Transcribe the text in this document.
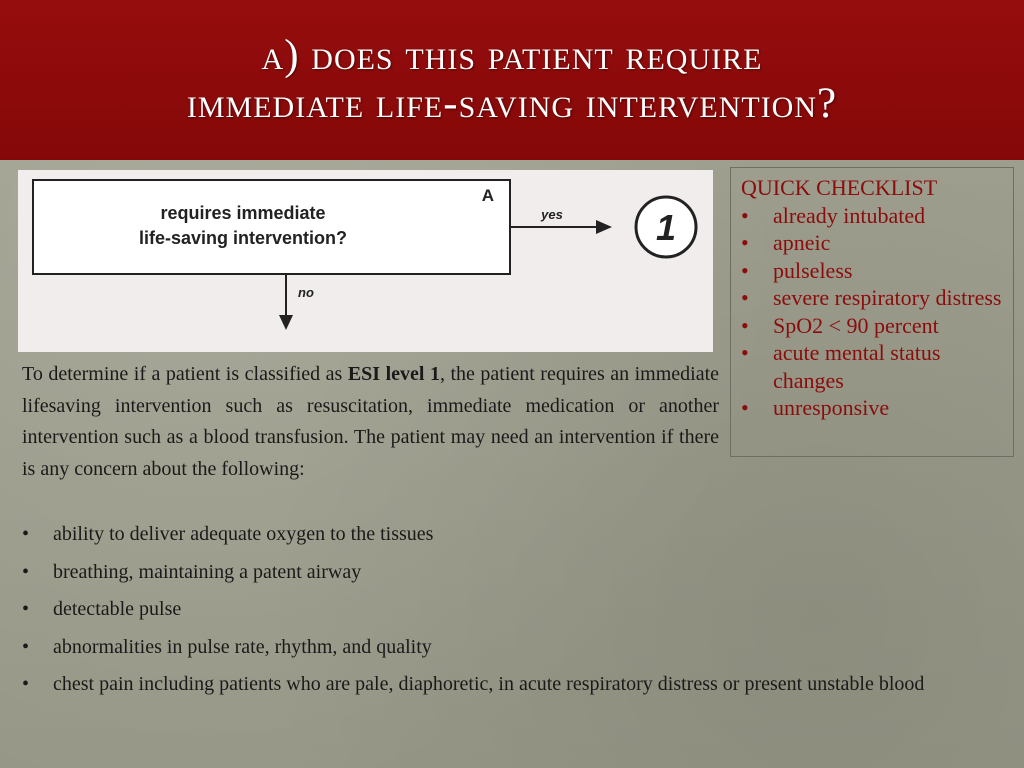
a) does this patient require
immediate life-saving intervention?
A
requires immediate
life-saving intervention?
yes	1
no
QUICK CHECKLIST
• already intubated
• apneic
• pulseless
• severe respiratory distress
• SpO2 < 90 percent
• acute mental status changes
• unresponsive

To determine if a patient is classified as ESI level 1, the patient requires an immediate lifesaving intervention such as resuscitation, immediate medication or another intervention such as a blood transfusion. The patient may need an intervention if there is any concern about the following:

• ability to deliver adequate oxygen to the tissues
• breathing, maintaining a patent airway
• detectable pulse
• abnormalities in pulse rate, rhythm, and quality
• chest pain including patients who are pale, diaphoretic, in acute respiratory distress or present unstable blood
